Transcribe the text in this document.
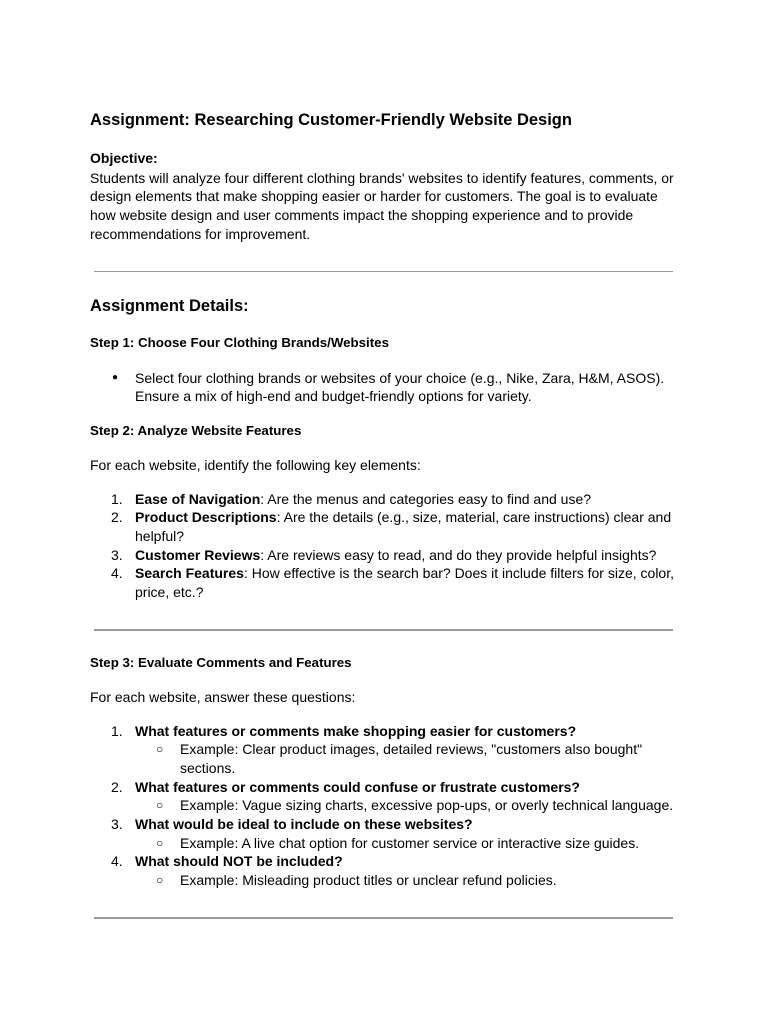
Assignment: Researching Customer-Friendly Website Design

Objective:

Students will analyze four different clothing brands' websites to identify features, comments, or design elements that make shopping easier or harder for customers. The goal is to evaluate how website design and user comments impact the shopping experience and to provide recommendations for improvement.

Assignment Details:

Step 1: Choose Four Clothing Brands/Websites

●	Select four clothing brands or websites of your choice (e.g., Nike, Zara, H&M, ASOS). Ensure a mix of high-end and budget-friendly options for variety.

Step 2: Analyze Website Features

For each website, identify the following key elements:

1. Ease of Navigation: Are the menus and categories easy to find and use?
2. Product Descriptions: Are the details (e.g., size, material, care instructions) clear and helpful?
3. Customer Reviews: Are reviews easy to read, and do they provide helpful insights?
4. Search Features: How effective is the search bar? Does it include filters for size, color, price, etc.?

Step 3: Evaluate Comments and Features

For each website, answer these questions:

1. What features or comments make shopping easier for customers?
○	Example: Clear product images, detailed reviews, "customers also bought" sections.
2. What features or comments could confuse or frustrate customers?
○	Example: Vague sizing charts, excessive pop-ups, or overly technical language.
3. What would be ideal to include on these websites?
○	Example: A live chat option for customer service or interactive size guides.
4. What should NOT be included?
○	Example: Misleading product titles or unclear refund policies.
